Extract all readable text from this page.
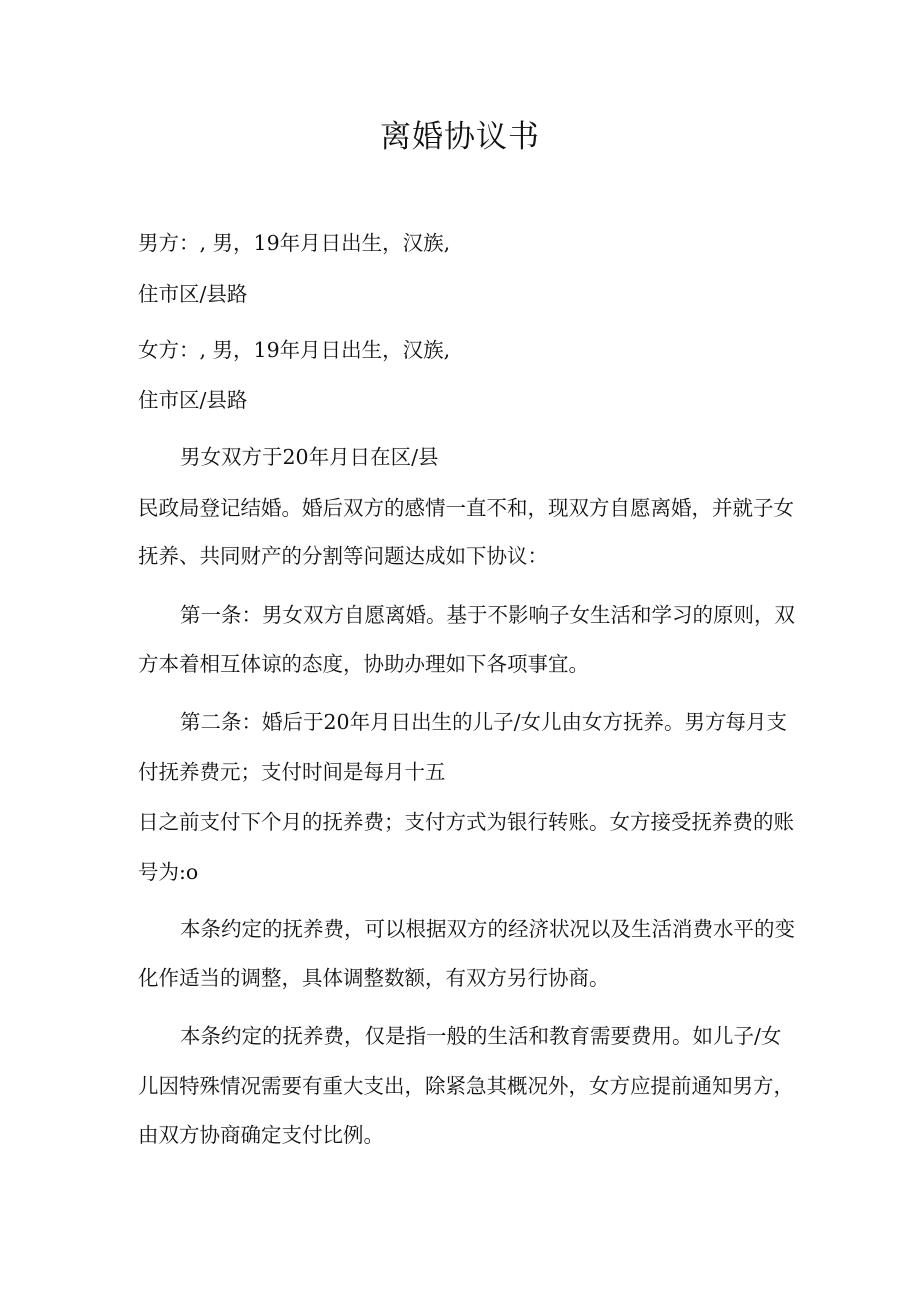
离婚协议书
男方：, 男，19年月日出生，汉族,
住市区/县路
女方：, 男，19年月日出生，汉族,
住市区/县路
男女双方于20年月日在区/县
民政局登记结婚。婚后双方的感情一直不和，现双方自愿离婚，并就子女
抚养、共同财产的分割等问题达成如下协议：
第一条：男女双方自愿离婚。基于不影响子女生活和学习的原则，双
方本着相互体谅的态度，协助办理如下各项事宜。
第二条：婚后于20年月日出生的儿子/女儿由女方抚养。男方每月支
付抚养费元；支付时间是每月十五
日之前支付下个月的抚养费；支付方式为银行转账。女方接受抚养费的账
号为:o
本条约定的抚养费，可以根据双方的经济状况以及生活消费水平的变
化作适当的调整，具体调整数额，有双方另行协商。
本条约定的抚养费，仅是指一般的生活和教育需要费用。如儿子/女
儿因特殊情况需要有重大支出，除紧急其概况外，女方应提前通知男方，
由双方协商确定支付比例。
